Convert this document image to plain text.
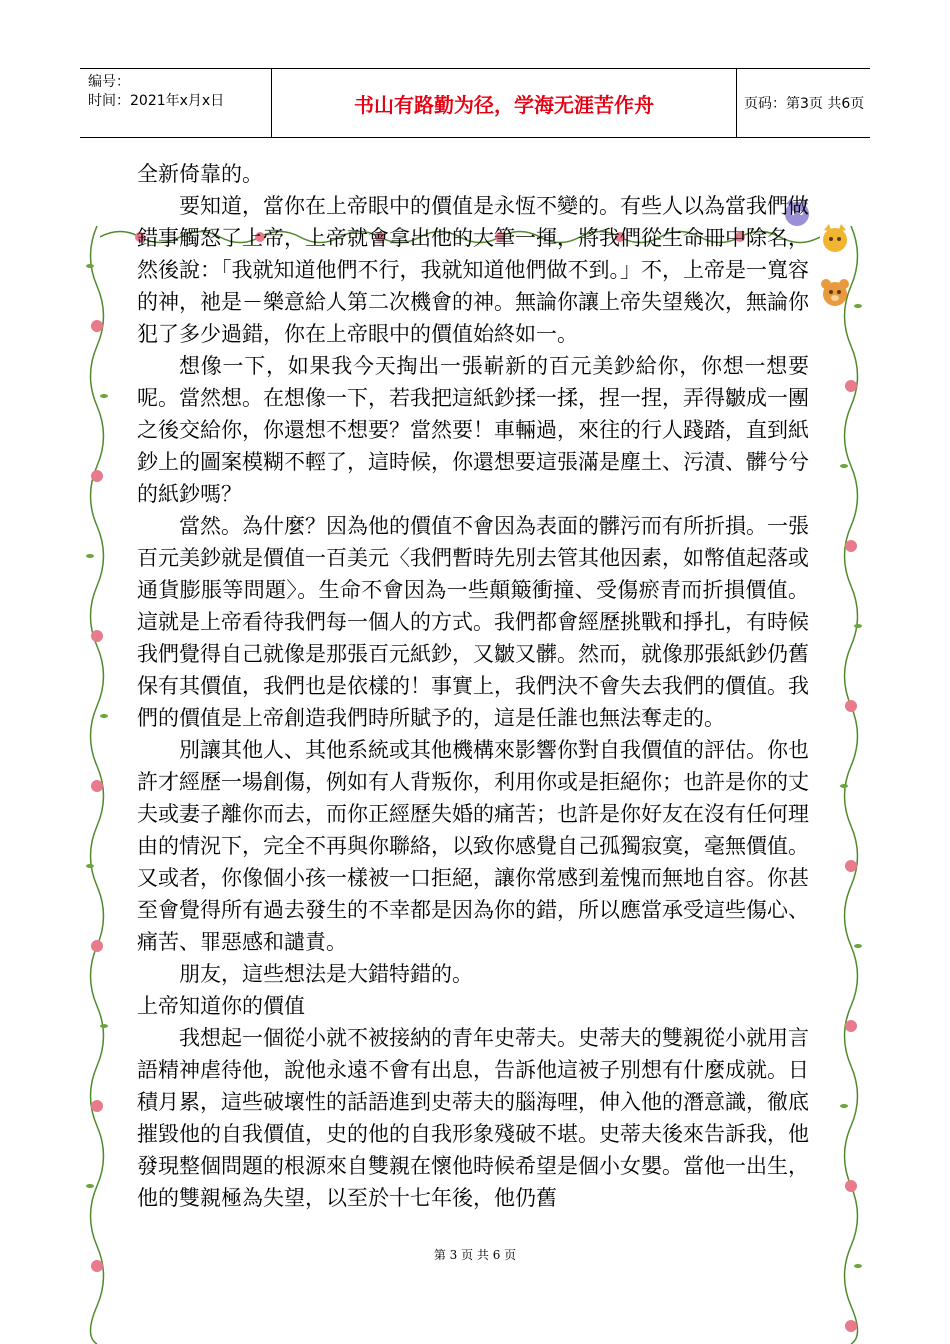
编号：
时间：2021年x月x日	书山有路勤为径，学海无涯苦作舟	页码：第3页 共6页

全新倚靠的。

要知道，當你在上帝眼中的價值是永恆不變的。有些人以為當我們做錯事觸怒了上帝，上帝就會拿出他的大筆一揮，將我們從生命冊中除名，然後說：「我就知道他們不行，我就知道他們做不到。」不，上帝是一寬容的神，祂是－樂意給人第二次機會的神。無論你讓上帝失望幾次，無論你犯了多少過錯，你在上帝眼中的價值始終如一。

想像一下，如果我今天掏出一張嶄新的百元美鈔給你，你想一想要呢。當然想。在想像一下，若我把這紙鈔揉一揉，捏一捏，弄得皺成一團之後交給你，你還想不想要？當然要！車輛過，來往的行人踐踏，直到紙鈔上的圖案模糊不輕了，這時候，你還想要這張滿是塵土、污漬、髒兮兮的紙鈔嗎？

當然。為什麼？因為他的價值不會因為表面的髒污而有所折損。一張百元美鈔就是價值一百美元〈我們暫時先別去管其他因素，如幣值起落或通貨膨脹等問題〉。生命不會因為一些顛簸衝撞、受傷瘀青而折損價值。這就是上帝看待我們每一個人的方式。我們都會經歷挑戰和掙扎，有時候我們覺得自己就像是那張百元紙鈔，又皺又髒。然而，就像那張紙鈔仍舊保有其價值，我們也是依樣的！事實上，我們決不會失去我們的價值。我們的價值是上帝創造我們時所賦予的，這是任誰也無法奪走的。

別讓其他人、其他系統或其他機構來影響你對自我價值的評估。你也許才經歷一場創傷，例如有人背叛你，利用你或是拒絕你；也許是你的丈夫或妻子離你而去，而你正經歷失婚的痛苦；也許是你好友在沒有任何理由的情況下，完全不再與你聯絡，以致你感覺自己孤獨寂寞，毫無價值。又或者，你像個小孩一樣被一口拒絕，讓你常感到羞愧而無地自容。你甚至會覺得所有過去發生的不幸都是因為你的錯，所以應當承受這些傷心、痛苦、罪惡感和譴責。

朋友，這些想法是大錯特錯的。

上帝知道你的價值

我想起一個從小就不被接納的青年史蒂夫。史蒂夫的雙親從小就用言語精神虐待他，說他永遠不會有出息，告訴他這被子別想有什麼成就。日積月累，這些破壞性的話語進到史蒂夫的腦海哩，伸入他的潛意識，徹底摧毀他的自我價值，史的他的自我形象殘破不堪。史蒂夫後來告訴我，他發現整個問題的根源來自雙親在懷他時候希望是個小女嬰。當他一出生，他的雙親極為失望，以至於十七年後，他仍舊

第 3 页 共 6 页
